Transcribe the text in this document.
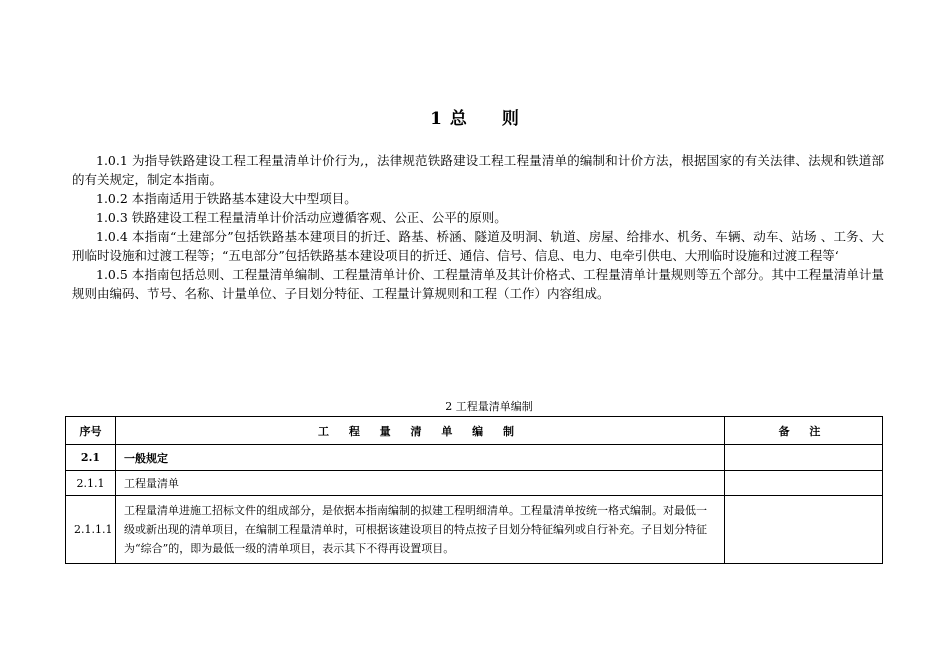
1 总 则

1.0.1 为指导铁路建设工程工程量清单计价行为,，法律规范铁路建设工程工程量清单的编制和计价方法，根据国家的有关法律、法规和铁道部的有关规定，制定本指南。

1.0.2 本指南适用于铁路基本建设大中型项目。

1.0.3 铁路建设工程工程量清单计价活动应遵循客观、公正、公平的原则。

1.0.4 本指南“土建部分”包括铁路基本建项目的折迁、路基、桥涵、隧道及明洞、轨道、房屋、给排水、机务、车辆、动车、站场 、工务、大刑临时设施和过渡工程等；“五电部分”包括铁路基本建设项目的折迁、通信、信号、信息、电力、电牵引供电、大刑临时设施和过渡工程等‘

1.0.5 本指南包括总则、工程量清单编制、工程量清单计价、工程量清单及其计价格式、工程量清单计量规则等五个部分。其中工程量清单计量规则由编码、节号、名称、计量单位、子目划分特征、工程量计算规则和工程（工作）内容组成。

2 工程量清单编制
序号	工 程 量 清 单 编 制	备 注
2.1	一般规定	
2.1.1	工程量清单	
2.1.1.1	工程量清单进施工招标文件的组成部分，是依据本指南编制的拟建工程明细清单。工程量清单按统一格式编制。对最低一级或新出现的清单项目，在编制工程量清单时，可根据该建设项目的特点按子目划分特征编列或自行补充。子目划分特征为“综合”的，即为最低一级的清单项目，表示其下不得再设置项目。	
